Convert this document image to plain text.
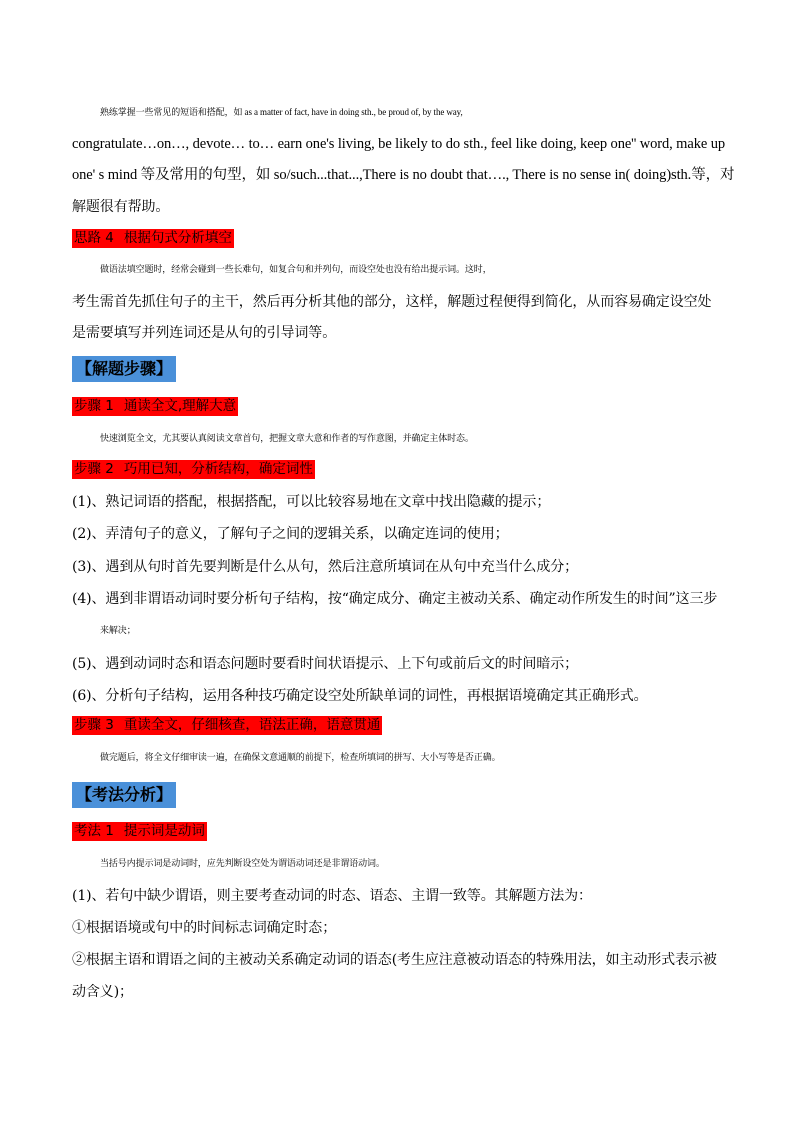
熟练掌握一些常见的短语和搭配，如 as a matter of fact, have in doing sth., be proud of, by the way,
congratulate…on…, devote… to… earn one's living, be likely to do sth., feel like doing, keep one'' word, make up
one' s mind 等及常用的句型，如 so/such...that...,There is no doubt that…., There is no sense in( doing)sth.等，对
解题很有帮助。
思路 4 根据句式分析填空
做语法填空题时，经常会碰到一些长难句，如复合句和并列句，而设空处也没有给出提示词。这时，
考生需首先抓住句子的主干，然后再分析其他的部分，这样，解题过程便得到简化，从而容易确定设空处
是需要填写并列连词还是从句的引导词等。
【解题步骤】
步骤 1 通读全文,理解大意
快速浏览全文，尤其要认真阅读文章首句，把握文章大意和作者的写作意图，并确定主体时态。
步骤 2 巧用已知，分析结构，确定词性
(1)、熟记词语的搭配，根据搭配，可以比较容易地在文章中找出隐藏的提示；
(2)、弄清句子的意义，了解句子之间的逻辑关系，以确定连词的使用；
(3)、遇到从句时首先要判断是什么从句，然后注意所填词在从句中充当什么成分；
(4)、遇到非谓语动词时要分析句子结构，按“确定成分、确定主被动关系、确定动作所发生的时间”这三步
来解决；
(5)、遇到动词时态和语态问题时要看时间状语提示、上下句或前后文的时间暗示；
(6)、分析句子结构，运用各种技巧确定设空处所缺单词的词性，再根据语境确定其正确形式。
步骤 3 重读全文，仔细核查，语法正确，语意贯通
做完题后，将全文仔细审读一遍，在确保文意通顺的前提下，检查所填词的拼写、大小写等是否正确。
【考法分析】
考法 1 提示词是动词
当括号内提示词是动词时，应先判断设空处为谓语动词还是非谓语动词。
(1)、若句中缺少谓语，则主要考查动词的时态、语态、主谓一致等。其解题方法为：
①根据语境或句中的时间标志词确定时态；
②根据主语和谓语之间的主被动关系确定动词的语态(考生应注意被动语态的特殊用法，如主动形式表示被
动含义)；
